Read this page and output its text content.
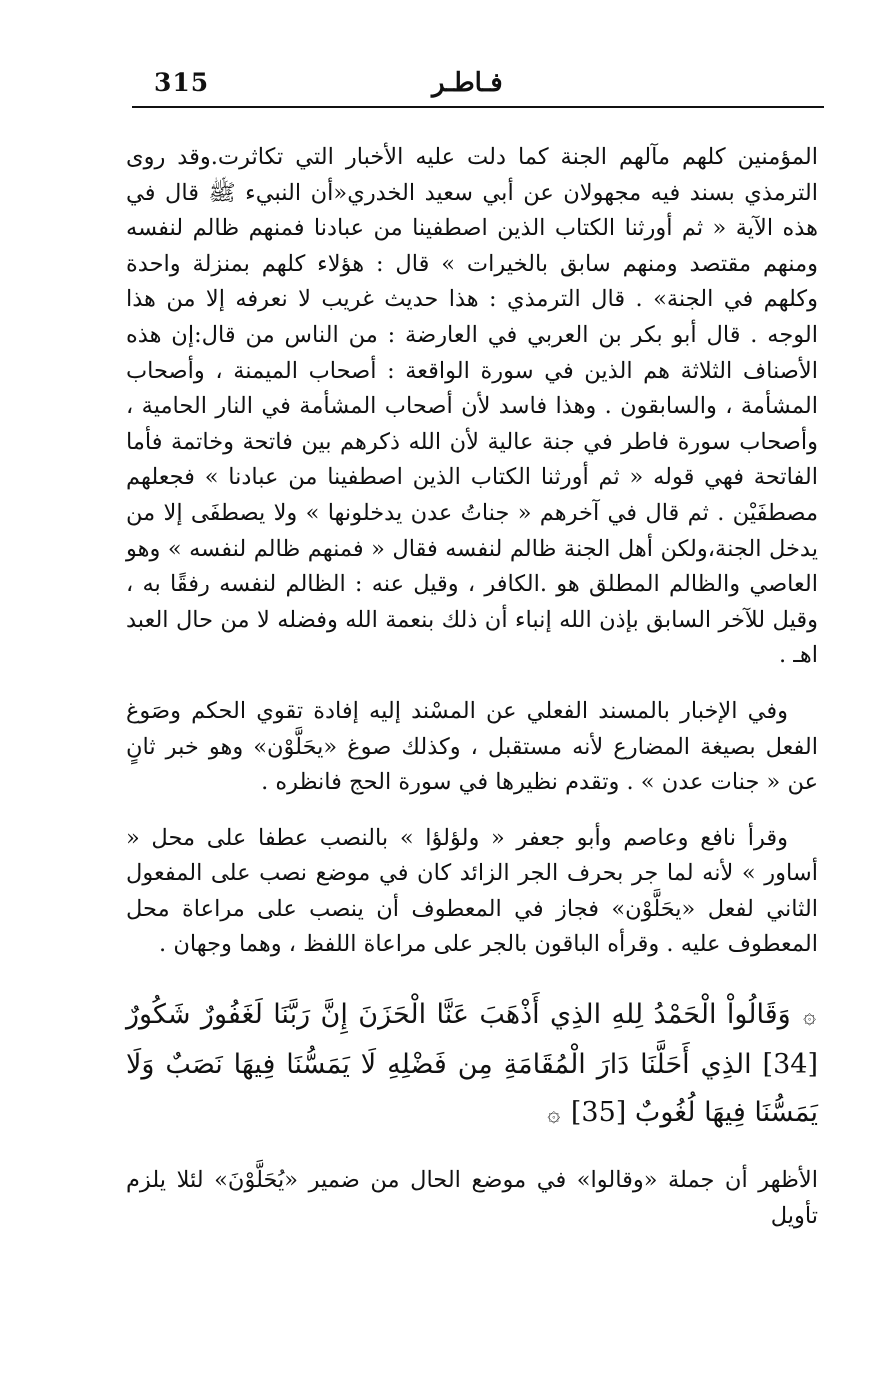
315	فـاطـر

المؤمنين كلهم مآلهم الجنة كما دلت عليه الأخبار التي تكاثرت.وقد روى الترمذي بسند فيه مجهولان عن أبي سعيد الخدري«أن النبيء ﷺ قال في هذه الآية « ثم أورثنا الكتاب الذين اصطفينا من عبادنا فمنهم ظالم لنفسه ومنهم مقتصد ومنهم سابق بالخيرات » قال : هؤلاء كلهم بمنزلة واحدة وكلهم في الجنة» . قال الترمذي : هذا حديث غريب لا نعرفه إلا من هذا الوجه . قال أبو بكر بن العربي في العارضة : من الناس من قال:إن هذه الأصناف الثلاثة هم الذين في سورة الواقعة : أصحاب الميمنة ، وأصحاب المشأمة ، والسابقون . وهذا فاسد لأن أصحاب المشأمة في النار الحامية ، وأصحاب سورة فاطر في جنة عالية لأن الله ذكرهم بين فاتحة وخاتمة فأما الفاتحة فهي قوله « ثم أورثنا الكتاب الذين اصطفينا من عبادنا » فجعلهم مصطفَيْن . ثم قال في آخرهم « جناتُ عدن يدخلونها » ولا يصطفَى إلا من يدخل الجنة،ولكن أهل الجنة ظالم لنفسه فقال « فمنهم ظالم لنفسه » وهو العاصي والظالم المطلق هو .الكافر ، وقيل عنه : الظالم لنفسه رفقًا به ، وقيل للآخر السابق بإذن الله إنباء أن ذلك بنعمة الله وفضله لا من حال العبد اهـ .

وفي الإخبار بالمسند الفعلي عن المسْند إليه إفادة تقوي الحكم وصَوغ الفعل بصيغة المضارع لأنه مستقبل ، وكذلك صوغ «يحَلَّوْن» وهو خبر ثانٍ عن « جنات عدن » . وتقدم نظيرها في سورة الحج فانظره .

وقرأ نافع وعاصم وأبو جعفر « ولؤلؤا » بالنصب عطفا على محل « أساور » لأنه لما جر بحرف الجر الزائد كان في موضع نصب على المفعول الثاني لفعل «يحَلَّوْن» فجاز في المعطوف أن ينصب على مراعاة محل المعطوف عليه . وقرأه الباقون بالجر على مراعاة اللفظ ، وهما وجهان .

۞ وَقَالُواْ الْحَمْدُ لِلهِ الذِي أَذْهَبَ عَنَّا الْحَزَنَ إِنَّ رَبَّنَا لَغَفُورٌ شَكُورٌ [34] الذِي أَحَلَّنَا دَارَ الْمُقَامَةِ مِن فَضْلِهِ لَا يَمَسُّنَا فِيهَا نَصَبٌ وَلَا يَمَسُّنَا فِيهَا لُغُوبٌ [35] ۞

الأظهر أن جملة «وقالوا» في موضع الحال من ضمير «يُحَلَّوْنَ» لئلا يلزم تأويل
